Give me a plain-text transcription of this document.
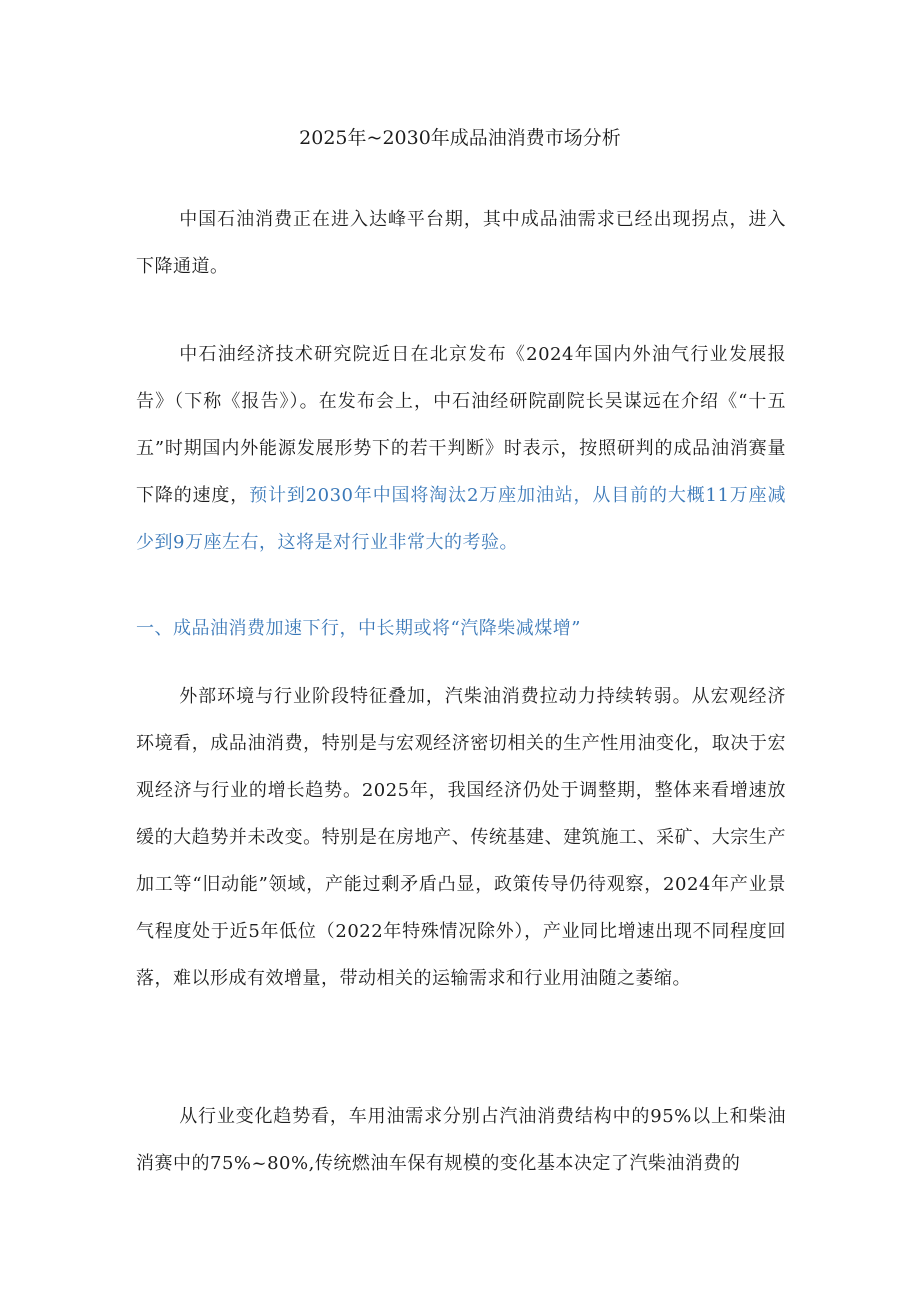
2025年~2030年成品油消费市场分析

中国石油消费正在进入达峰平台期，其中成品油需求已经出现拐点，进入下降通道。

中石油经济技术研究院近日在北京发布《2024年国内外油气行业发展报告》（下称《报告》）。在发布会上，中石油经研院副院长吴谋远在介绍《“十五五”时期国内外能源发展形势下的若干判断》时表示，按照研判的成品油消赛量下降的速度，预计到2030年中国将淘汰2万座加油站，从目前的大概11万座减少到9万座左右，这将是对行业非常大的考验。

一、成品油消费加速下行，中长期或将“汽降柴减煤增”

外部环境与行业阶段特征叠加，汽柴油消费拉动力持续转弱。从宏观经济环境看，成品油消费，特别是与宏观经济密切相关的生产性用油变化，取决于宏观经济与行业的增长趋势。2025年，我国经济仍处于调整期，整体来看增速放缓的大趋势并未改变。特别是在房地产、传统基建、建筑施工、采矿、大宗生产加工等“旧动能”领域，产能过剩矛盾凸显，政策传导仍待观察，2024年产业景气程度处于近5年低位（2022年特殊情况除外），产业同比增速出现不同程度回落，难以形成有效增量，带动相关的运输需求和行业用油随之萎缩。

从行业变化趋势看，车用油需求分别占汽油消费结构中的95%以上和柴油消赛中的75%~80%,传统燃油车保有规模的变化基本决定了汽柴油消费的
